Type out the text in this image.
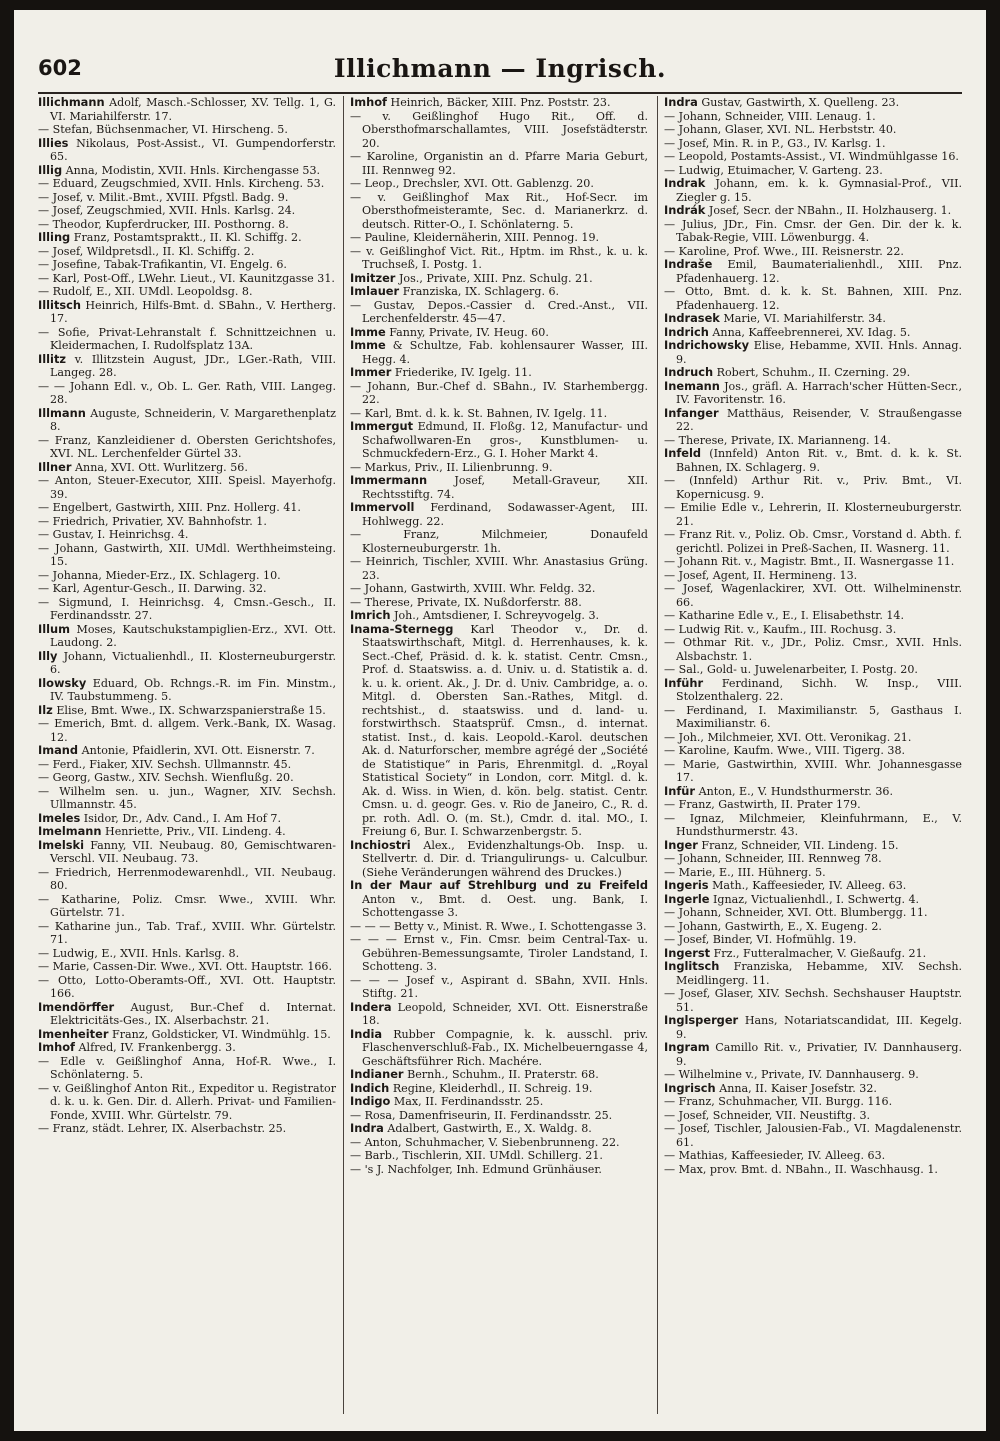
602	Illichmann — Ingrisch.

Illichmann Adolf, Masch.-Schlosser, XV. Tellg. 1, G. VI. Mariahilferstr. 17.

— Stefan, Büchsenmacher, VI. Hirscheng. 5.

Illies Nikolaus, Post-Assist., VI. Gumpendorferstr. 65.

Illig Anna, Modistin, XVII. Hnls. Kirchengasse 53.

— Eduard, Zeugschmied, XVII. Hnls. Kircheng. 53.

— Josef, v. Milit.-Bmt., XVIII. Pfgstl. Badg. 9.

— Josef, Zeugschmied, XVII. Hnls. Karlsg. 24.

— Theodor, Kupferdrucker, III. Posthorng. 8.

Illing Franz, Postamtspraktt., II. Kl. Schiffg. 2.

— Josef, Wildpretsdl., II. Kl. Schiffg. 2.

— Josefine, Tabak-Trafikantin, VI. Engelg. 6.

— Karl, Post-Off., LWehr. Lieut., VI. Kaunitzgasse 31.

— Rudolf, E., XII. UMdl. Leopoldsg. 8.

Illitsch Heinrich, Hilfs-Bmt. d. SBahn., V. Hertherg. 17.

— Sofie, Privat-Lehranstalt f. Schnittzeichnen u. Kleidermachen, I. Rudolfsplatz 13A.

Illitz v. Illitzstein August, JDr., LGer.-Rath, VIII. Langeg. 28.

— — Johann Edl. v., Ob. L. Ger. Rath, VIII. Langeg. 28.

Illmann Auguste, Schneiderin, V. Margarethenplatz 8.

— Franz, Kanzleidiener d. Obersten Gerichtshofes, XVI. NL. Lerchenfelder Gürtel 33.

Illner Anna, XVI. Ott. Wurlitzerg. 56.

— Anton, Steuer-Executor, XIII. Speisl. Mayerhofg. 39.

— Engelbert, Gastwirth, XIII. Pnz. Hollerg. 41.

— Friedrich, Privatier, XV. Bahnhofstr. 1.

— Gustav, I. Heinrichsg. 4.

— Johann, Gastwirth, XII. UMdl. Werthheimsteing. 15.

— Johanna, Mieder-Erz., IX. Schlagerg. 10.

— Karl, Agentur-Gesch., II. Darwing. 32.

— Sigmund, I. Heinrichsg. 4, Cmsn.-Gesch., II. Ferdinandsstr. 27.

Illum Moses, Kautschukstampiglien-Erz., XVI. Ott. Laudong. 2.

Illy Johann, Victualienhdl., II. Klosterneuburgerstr. 6.

Ilowsky Eduard, Ob. Rchngs.-R. im Fin. Minstm., IV. Taubstummeng. 5.

Ilz Elise, Bmt. Wwe., IX. Schwarzspanierstraße 15.

— Emerich, Bmt. d. allgem. Verk.-Bank, IX. Wasag. 12.

Imand Antonie, Pfaidlerin, XVI. Ott. Eisnerstr. 7.

— Ferd., Fiaker, XIV. Sechsh. Ullmannstr. 45.

— Georg, Gastw., XIV. Sechsh. Wienflußg. 20.

— Wilhelm sen. u. jun., Wagner, XIV. Sechsh. Ullmannstr. 45.

Imeles Isidor, Dr., Adv. Cand., I. Am Hof 7.

Imelmann Henriette, Priv., VII. Lindeng. 4.

Imelski Fanny, VII. Neubaug. 80, Gemischtwaren-Verschl. VII. Neubaug. 73.

— Friedrich, Herrenmodewarenhdl., VII. Neubaug. 80.

— Katharine, Poliz. Cmsr. Wwe., XVIII. Whr. Gürtelstr. 71.

— Katharine jun., Tab. Traf., XVIII. Whr. Gürtelstr. 71.

— Ludwig, E., XVII. Hnls. Karlsg. 8.

— Marie, Cassen-Dir. Wwe., XVI. Ott. Hauptstr. 166.

— Otto, Lotto-Oberamts-Off., XVI. Ott. Hauptstr. 166.

Imendörffer August, Bur.-Chef d. Internat. Elektricitäts-Ges., IX. Alserbachstr. 21.

Imenheiter Franz, Goldsticker, VI. Windmühlg. 15.

Imhof Alfred, IV. Frankenbergg. 3.

— Edle v. Geißlinghof Anna, Hof-R. Wwe., I. Schönlaterng. 5.

— v. Geißlinghof Anton Rit., Expeditor u. Registrator d. k. u. k. Gen. Dir. d. Allerh. Privat- und Familien-Fonde, XVIII. Whr. Gürtelstr. 79.

— Franz, städt. Lehrer, IX. Alserbachstr. 25.

Imhof Heinrich, Bäcker, XIII. Pnz. Poststr. 23.

— v. Geißlinghof Hugo Rit., Off. d. Obersthofmarschallamtes, VIII. Josefstädterstr. 20.

— Karoline, Organistin an d. Pfarre Maria Geburt, III. Rennweg 92.

— Leop., Drechsler, XVI. Ott. Gablenzg. 20.

— v. Geißlinghof Max Rit., Hof-Secr. im Obersthofmeisteramte, Sec. d. Marianerkrz. d. deutsch. Ritter-O., I. Schönlaterng. 5.

— Pauline, Kleidernäherin, XIII. Pennog. 19.

— v. Geißlinghof Vict. Rit., Hptm. im Rhst., k. u. k. Truchseß, I. Postg. 1.

Imitzer Jos., Private, XIII. Pnz. Schulg. 21.

Imlauer Franziska, IX. Schlagerg. 6.

— Gustav, Depos.-Cassier d. Cred.-Anst., VII. Lerchenfelderstr. 45—47.

Imme Fanny, Private, IV. Heug. 60.

Imme & Schultze, Fab. kohlensaurer Wasser, III. Hegg. 4.

Immer Friederike, IV. Igelg. 11.

— Johann, Bur.-Chef d. SBahn., IV. Starhembergg. 22.

— Karl, Bmt. d. k. k. St. Bahnen, IV. Igelg. 11.

Immergut Edmund, II. Floßg. 12, Manufactur- und Schafwollwaren-En gros-, Kunstblumen- u. Schmuckfedern-Erz., G. I. Hoher Markt 4.

— Markus, Priv., II. Lilienbrunng. 9.

Immermann Josef, Metall-Graveur, XII. Rechtsstiftg. 74.

Immervoll Ferdinand, Sodawasser-Agent, III. Hohlwegg. 22.

— Franz, Milchmeier, Donaufeld Klosterneuburgerstr. 1h.

— Heinrich, Tischler, XVIII. Whr. Anastasius Grüng. 23.

— Johann, Gastwirth, XVIII. Whr. Feldg. 32.

— Therese, Private, IX. Nußdorferstr. 88.

Imrich Joh., Amtsdiener, I. Schreyvogelg. 3.

Inama-Sternegg Karl Theodor v., Dr. d. Staatswirthschaft, Mitgl. d. Herrenhauses, k. k. Sect.-Chef, Präsid. d. k. k. statist. Centr. Cmsn., Prof. d. Staatswiss. a. d. Univ. u. d. Statistik a. d. k. u. k. orient. Ak., J. Dr. d. Univ. Cambridge, a. o. Mitgl. d. Obersten San.-Rathes, Mitgl. d. rechtshist., d. staatswiss. und d. land- u. forstwirthsch. Staatsprüf. Cmsn., d. internat. statist. Inst., d. kais. Leopold.-Karol. deutschen Ak. d. Naturforscher, membre agrégé der „Société de Statistique“ in Paris, Ehrenmitgl. d. „Royal Statistical Society“ in London, corr. Mitgl. d. k. Ak. d. Wiss. in Wien, d. kön. belg. statist. Centr. Cmsn. u. d. geogr. Ges. v. Rio de Janeiro, C., R. d. pr. roth. Adl. O. (m. St.), Cmdr. d. ital. MO., I. Freiung 6, Bur. I. Schwarzenbergstr. 5.

Inchiostri Alex., Evidenzhaltungs-Ob. Insp. u. Stellvertr. d. Dir. d. Triangulirungs- u. Calculbur. (Siehe Veränderungen während des Druckes.)

In der Maur auf Strehlburg und zu Freifeld Anton v., Bmt. d. Oest. ung. Bank, I. Schottengasse 3.

— — — Betty v., Minist. R. Wwe., I. Schottengasse 3.

— — — Ernst v., Fin. Cmsr. beim Central-Tax- u. Gebühren-Bemessungsamte, Tiroler Landstand, I. Schotteng. 3.

— — — Josef v., Aspirant d. SBahn, XVII. Hnls. Stiftg. 21.

Indera Leopold, Schneider, XVI. Ott. Eisnerstraße 18.

India Rubber Compagnie, k. k. ausschl. priv. Flaschenverschluß-Fab., IX. Michelbeuerngasse 4, Geschäftsführer Rich. Machére.

Indianer Bernh., Schuhm., II. Praterstr. 68.

Indich Regine, Kleiderhdl., II. Schreig. 19.

Indigo Max, II. Ferdinandsstr. 25.

— Rosa, Damenfriseurin, II. Ferdinandsstr. 25.

Indra Adalbert, Gastwirth, E., X. Waldg. 8.

— Anton, Schuhmacher, V. Siebenbrunneng. 22.

— Barb., Tischlerin, XII. UMdl. Schillerg. 21.

— 's J. Nachfolger, Inh. Edmund Grünhäuser.

Indra Gustav, Gastwirth, X. Quelleng. 23.

— Johann, Schneider, VIII. Lenaug. 1.

— Johann, Glaser, XVI. NL. Herbststr. 40.

— Josef, Min. R. in P., G3., IV. Karlsg. 1.

— Leopold, Postamts-Assist., VI. Windmühlgasse 16.

— Ludwig, Etuimacher, V. Garteng. 23.

Indrak Johann, em. k. k. Gymnasial-Prof., VII. Ziegler g. 15.

Indrák Josef, Secr. der NBahn., II. Holzhauserg. 1.

— Julius, JDr., Fin. Cmsr. der Gen. Dir. der k. k. Tabak-Regie, VIII. Löwenburgg. 4.

— Karoline, Prof. Wwe., III. Reisnerstr. 22.

Indraše Emil, Baumaterialienhdl., XIII. Pnz. Pfadenhauerg. 12.

— Otto, Bmt. d. k. k. St. Bahnen, XIII. Pnz. Pfadenhauerg. 12.

Indrasek Marie, VI. Mariahilferstr. 34.

Indrich Anna, Kaffeebrennerei, XV. Idag. 5.

Indrichowsky Elise, Hebamme, XVII. Hnls. Annag. 9.

Indruch Robert, Schuhm., II. Czerning. 29.

Inemann Jos., gräfl. A. Harrach'scher Hütten-Secr., IV. Favoritenstr. 16.

Infanger Matthäus, Reisender, V. Straußengasse 22.

— Therese, Private, IX. Marianneng. 14.

Infeld (Innfeld) Anton Rit. v., Bmt. d. k. k. St. Bahnen, IX. Schlagerg. 9.

— (Innfeld) Arthur Rit. v., Priv. Bmt., VI. Kopernicusg. 9.

— Emilie Edle v., Lehrerin, II. Klosterneuburgerstr. 21.

— Franz Rit. v., Poliz. Ob. Cmsr., Vorstand d. Abth. f. gerichtl. Polizei in Preß-Sachen, II. Wasnerg. 11.

— Johann Rit. v., Magistr. Bmt., II. Wasnergasse 11.

— Josef, Agent, II. Hermineng. 13.

— Josef, Wagenlackirer, XVI. Ott. Wilhelminenstr. 66.

— Katharine Edle v., E., I. Elisabethstr. 14.

— Ludwig Rit. v., Kaufm., III. Rochusg. 3.

— Othmar Rit. v., JDr., Poliz. Cmsr., XVII. Hnls. Alsbachstr. 1.

— Sal., Gold- u. Juwelenarbeiter, I. Postg. 20.

Inführ Ferdinand, Sichh. W. Insp., VIII. Stolzenthalerg. 22.

— Ferdinand, I. Maximilianstr. 5, Gasthaus I. Maximilianstr. 6.

— Joh., Milchmeier, XVI. Ott. Veronikag. 21.

— Karoline, Kaufm. Wwe., VIII. Tigerg. 38.

— Marie, Gastwirthin, XVIII. Whr. Johannesgasse 17.

Infür Anton, E., V. Hundsthurmerstr. 36.

— Franz, Gastwirth, II. Prater 179.

— Ignaz, Milchmeier, Kleinfuhrmann, E., V. Hundsthurmerstr. 43.

Inger Franz, Schneider, VII. Lindeng. 15.

— Johann, Schneider, III. Rennweg 78.

— Marie, E., III. Hühnerg. 5.

Ingeris Math., Kaffeesieder, IV. Alleeg. 63.

Ingerle Ignaz, Victualienhdl., I. Schwertg. 4.

— Johann, Schneider, XVI. Ott. Blumbergg. 11.

— Johann, Gastwirth, E., X. Eugeng. 2.

— Josef, Binder, VI. Hofmühlg. 19.

Ingerst Frz., Futteralmacher, V. Gießaufg. 21.

Inglitsch Franziska, Hebamme, XIV. Sechsh. Meidlingerg. 11.

— Josef, Glaser, XIV. Sechsh. Sechshauser Hauptstr. 51.

Inglsperger Hans, Notariatscandidat, III. Kegelg. 9.

Ingram Camillo Rit. v., Privatier, IV. Dannhauserg. 9.

— Wilhelmine v., Private, IV. Dannhauserg. 9.

Ingrisch Anna, II. Kaiser Josefstr. 32.

— Franz, Schuhmacher, VII. Burgg. 116.

— Josef, Schneider, VII. Neustiftg. 3.

— Josef, Tischler, Jalousien-Fab., VI. Magdalenenstr. 61.

— Mathias, Kaffeesieder, IV. Alleeg. 63.

— Max, prov. Bmt. d. NBahn., II. Waschhausg. 1.
